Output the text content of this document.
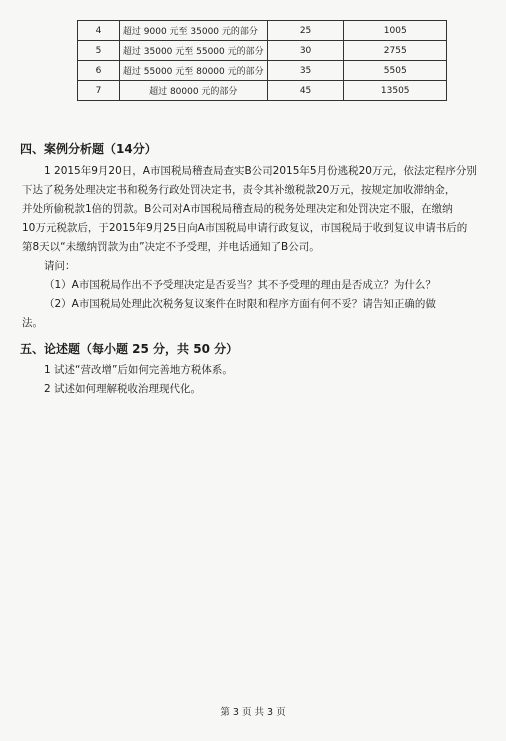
4	超过 9000 元至 35000 元的部分	25	1005
5	超过 35000 元至 55000 元的部分	30	2755
6	超过 55000 元至 80000 元的部分	35	5505
7	超过 80000 元的部分	45	13505
四、案例分析题（14分）
1 2015年9月20日，A市国税局稽查局查实B公司2015年5月份逃税20万元，依法定程序分别
下达了税务处理决定书和税务行政处罚决定书，责令其补缴税款20万元，按规定加收滞纳金，
并处所偷税款1倍的罚款。B公司对A市国税局稽查局的税务处理决定和处罚决定不服，在缴纳
10万元税款后，于2015年9月25日向A市国税局申请行政复议，市国税局于收到复议申请书后的
第8天以“未缴纳罚款为由”决定不予受理，并电话通知了B公司。
请问：
（1）A市国税局作出不予受理决定是否妥当？其不予受理的理由是否成立？为什么？
（2）A市国税局处理此次税务复议案件在时限和程序方面有何不妥？请告知正确的做
法。
五、论述题（每小题 25 分，共 50 分）
1 试述“营改增”后如何完善地方税体系。
2 试述如何理解税收治理现代化。
第 3 页 共 3 页
